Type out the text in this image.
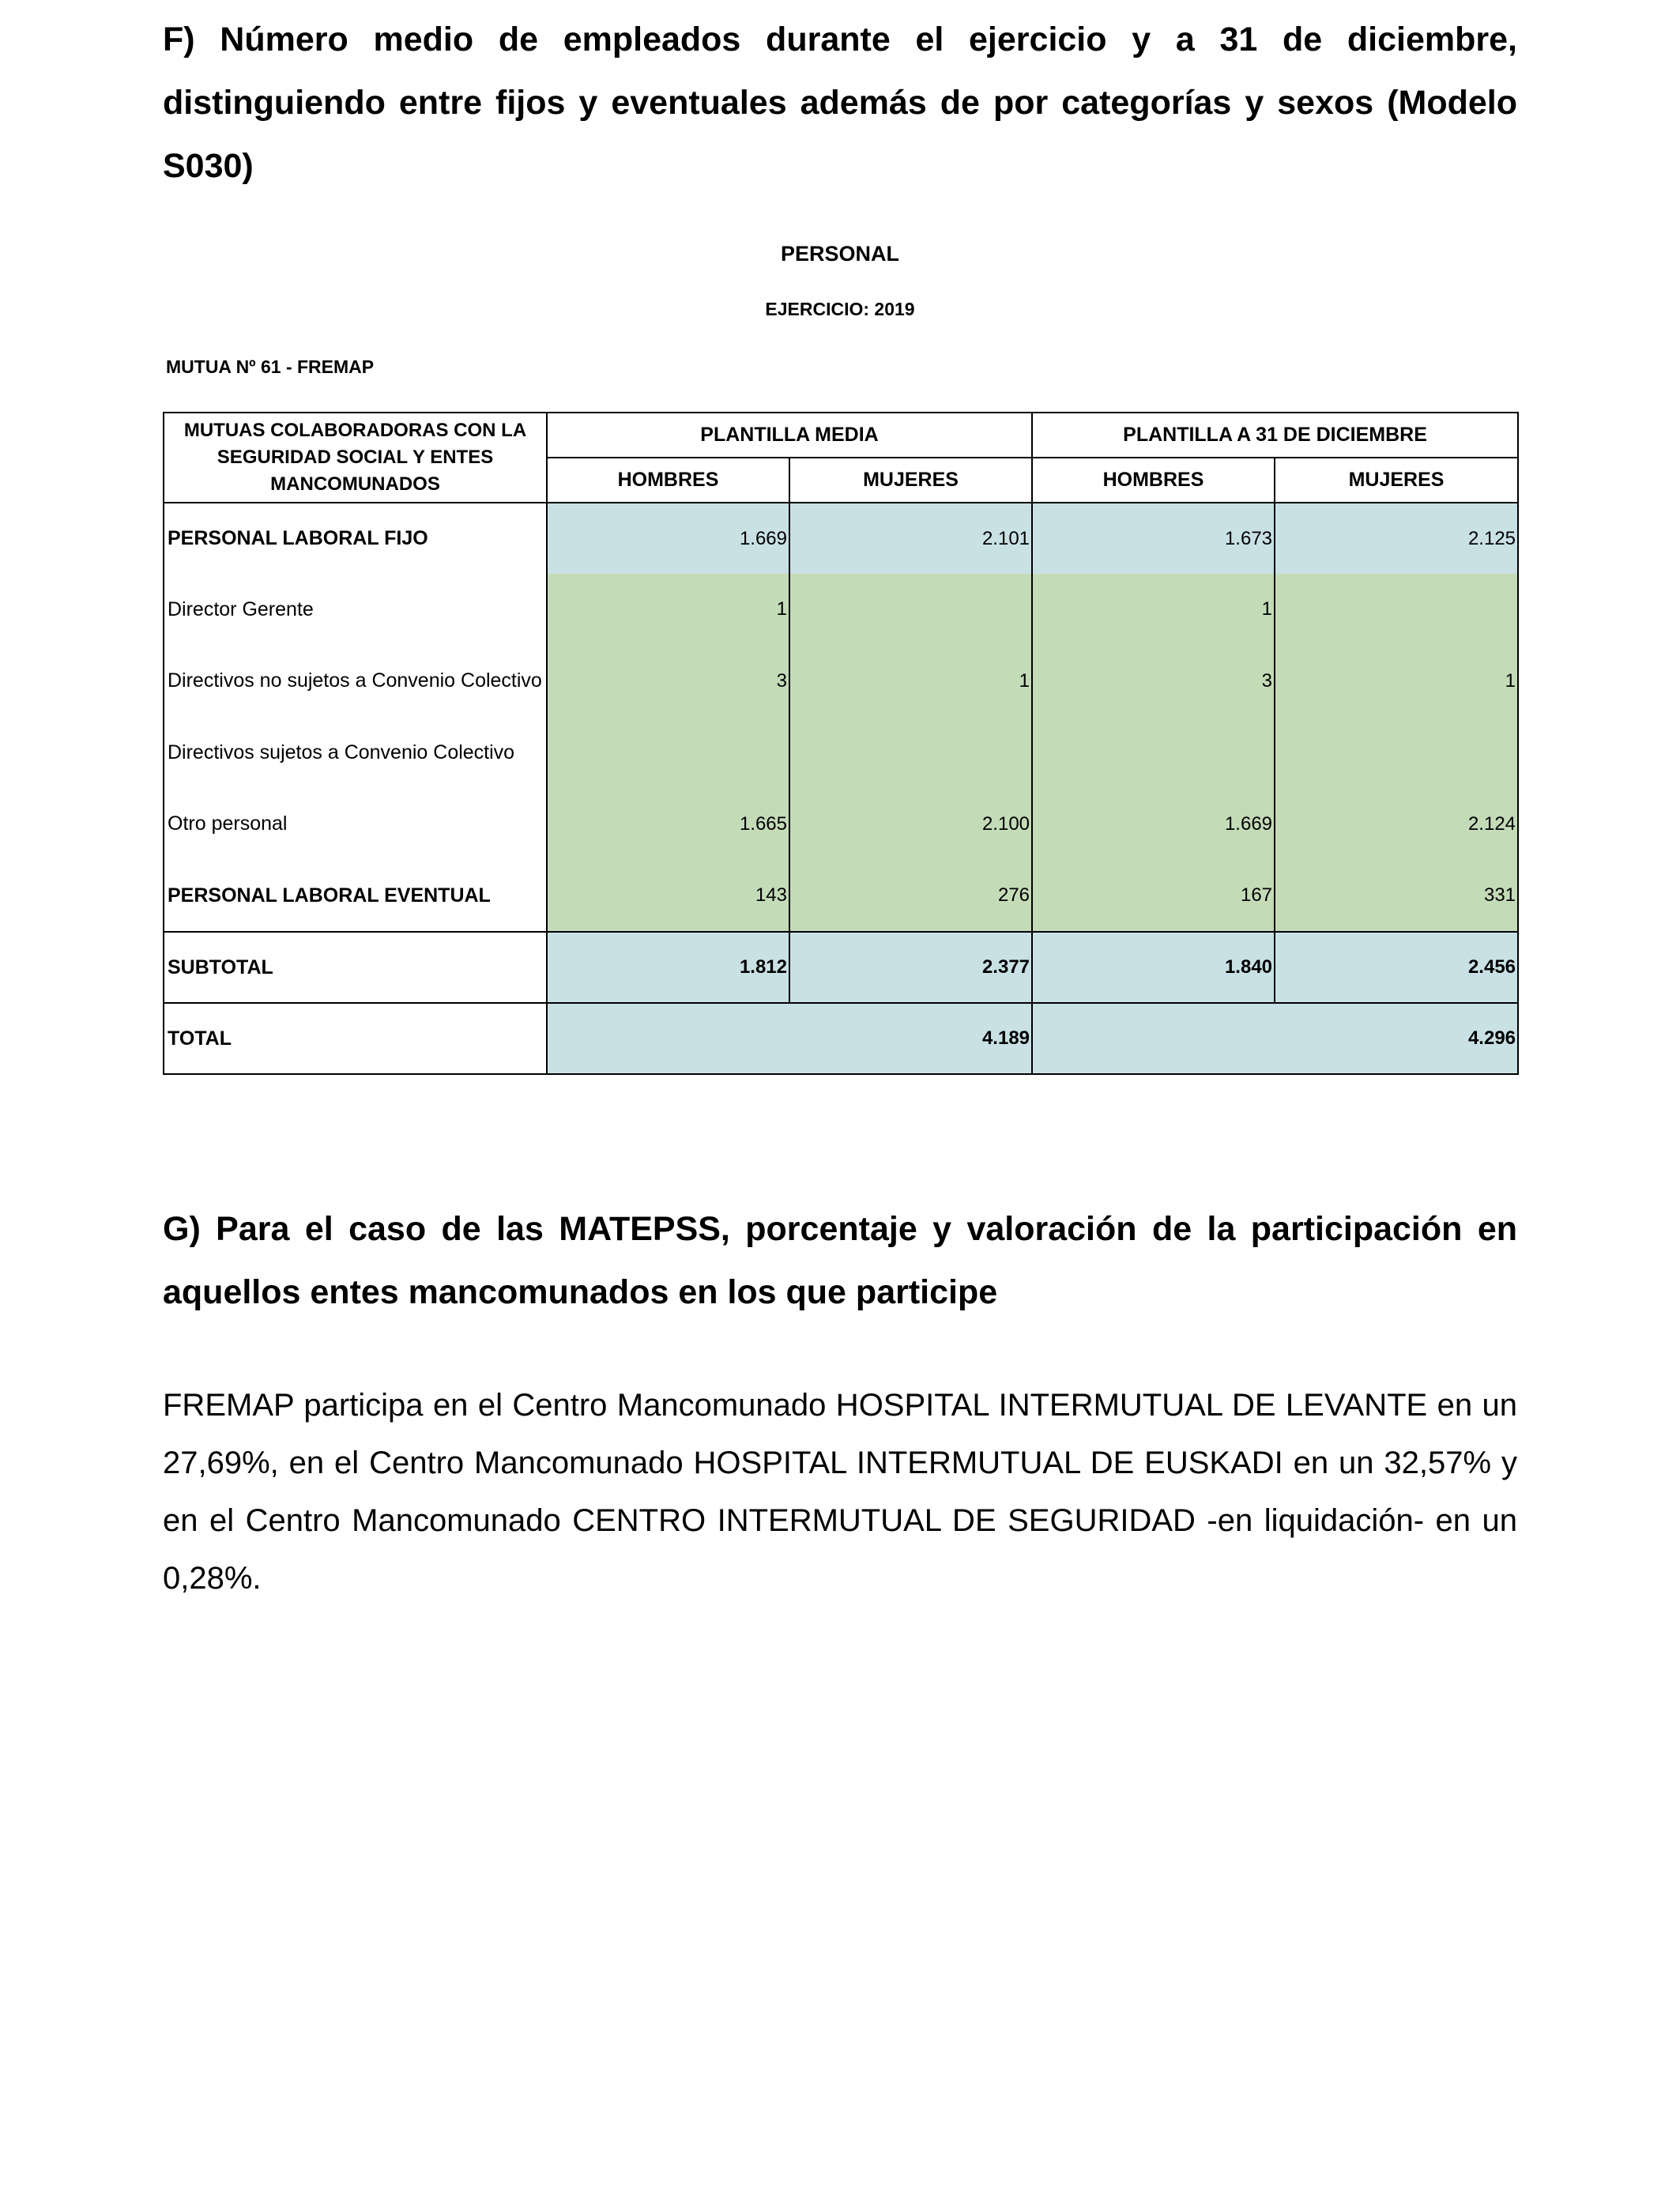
F) Número medio de empleados durante el ejercicio y a 31 de diciembre, distinguiendo entre fijos y eventuales además de por categorías y sexos (Modelo S030)

PERSONAL

EJERCICIO: 2019

MUTUA Nº 61 - FREMAP

MUTUAS COLABORADORAS CON LA SEGURIDAD SOCIAL Y ENTES MANCOMUNADOS	PLANTILLA MEDIA		PLANTILLA A 31 DE DICIEMBRE	
	HOMBRES	MUJERES	HOMBRES	MUJERES
PERSONAL LABORAL FIJO	1.669	2.101	1.673	2.125
Director Gerente	1		1	
Directivos no sujetos a Convenio Colectivo	3	1	3	1
Directivos sujetos a Convenio Colectivo				
Otro personal	1.665	2.100	1.669	2.124
PERSONAL LABORAL EVENTUAL	143	276	167	331
SUBTOTAL	1.812	2.377	1.840	2.456
TOTAL	4.189		4.296	

G) Para el caso de las MATEPSS, porcentaje y valoración de la participación en aquellos entes mancomunados en los que participe

FREMAP participa en el Centro Mancomunado HOSPITAL INTERMUTUAL DE LEVANTE en un 27,69%, en el Centro Mancomunado HOSPITAL INTERMUTUAL DE EUSKADI en un 32,57% y en el Centro Mancomunado CENTRO INTERMUTUAL DE SEGURIDAD -en liquidación- en un 0,28%.
